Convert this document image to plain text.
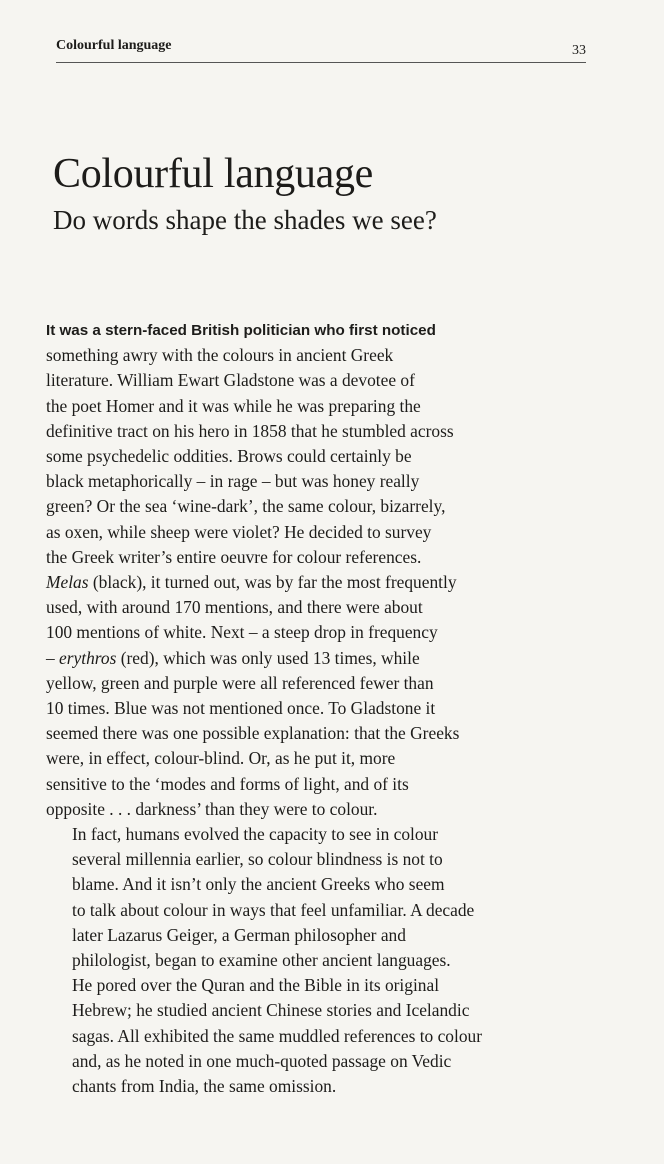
Colourful language	33
Colourful language
Do words shape the shades we see?

It was a stern-faced British politician who first noticed
something awry with the colours in ancient Greek
literature. William Ewart Gladstone was a devotee of
the poet Homer and it was while he was preparing the
definitive tract on his hero in 1858 that he stumbled across
some psychedelic oddities. Brows could certainly be
black metaphorically – in rage – but was honey really
green? Or the sea ‘wine-dark’, the same colour, bizarrely,
as oxen, while sheep were violet? He decided to survey
the Greek writer’s entire oeuvre for colour references.
Melas (black), it turned out, was by far the most frequently
used, with around 170 mentions, and there were about
100 mentions of white. Next – a steep drop in frequency
– erythros (red), which was only used 13 times, while
yellow, green and purple were all referenced fewer than
10 times. Blue was not mentioned once. To Gladstone it
seemed there was one possible explanation: that the Greeks
were, in effect, colour-blind. Or, as he put it, more
sensitive to the ‘modes and forms of light, and of its
opposite . . . darkness’ than they were to colour.

In fact, humans evolved the capacity to see in colour
several millennia earlier, so colour blindness is not to
blame. And it isn’t only the ancient Greeks who seem
to talk about colour in ways that feel unfamiliar. A decade
later Lazarus Geiger, a German philosopher and
philologist, began to examine other ancient languages.
He pored over the Quran and the Bible in its original
Hebrew; he studied ancient Chinese stories and Icelandic
sagas. All exhibited the same muddled references to colour
and, as he noted in one much-quoted passage on Vedic
chants from India, the same omission.
